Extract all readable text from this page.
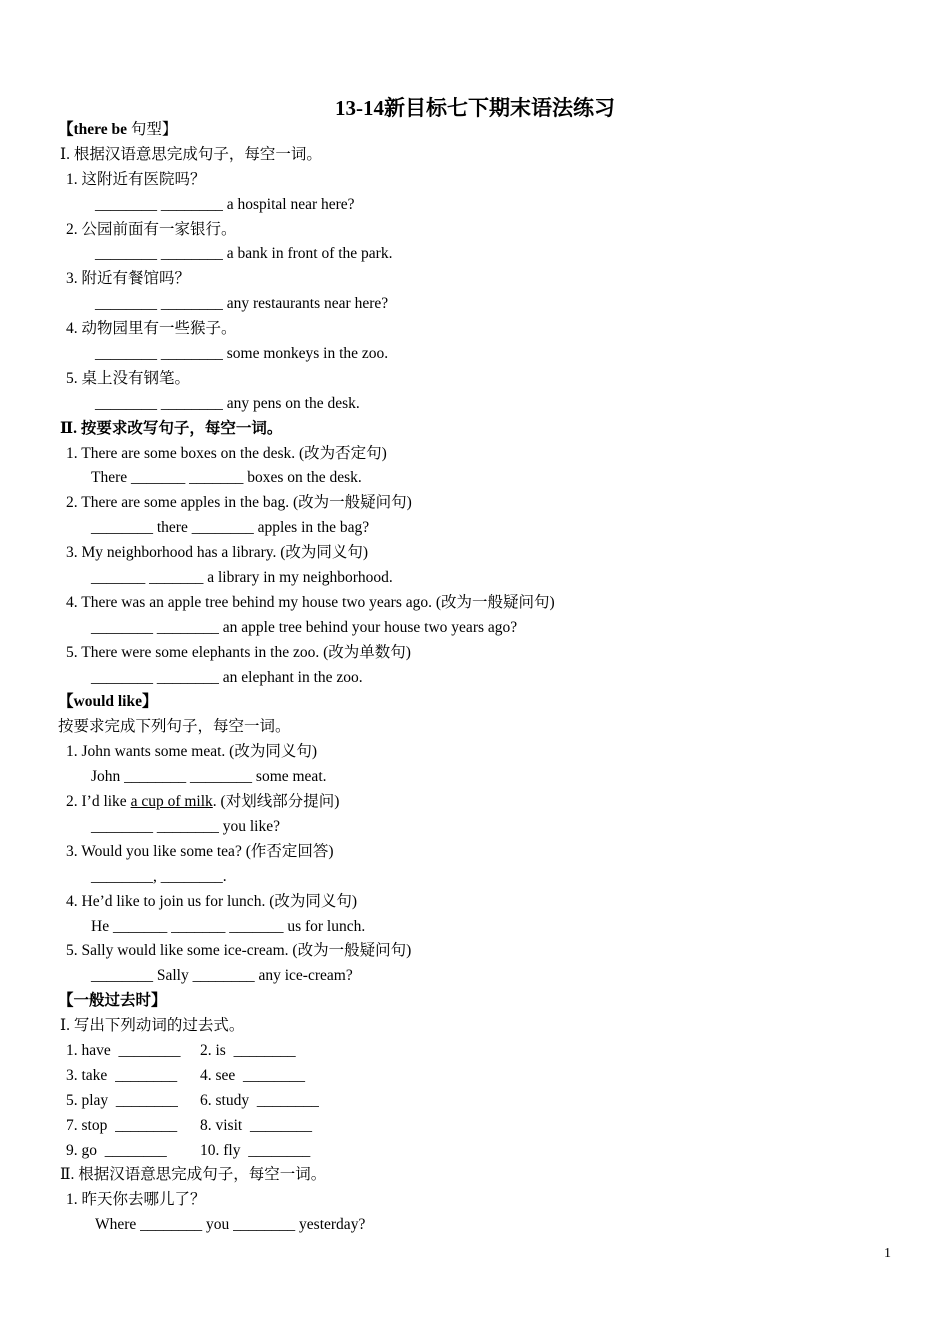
13-14新目标七下期末语法练习
【there be 句型】
Ⅰ. 根据汉语意思完成句子，每空一词。
1. 这附近有医院吗？
________ ________ a hospital near here?
2. 公园前面有一家银行。
________ ________ a bank in front of the park.
3. 附近有餐馆吗？
________ ________ any restaurants near here?
4. 动物园里有一些猴子。
________ ________ some monkeys in the zoo.
5. 桌上没有钢笔。
________ ________ any pens on the desk.
Ⅱ. 按要求改写句子，每空一词。
1. There are some boxes on the desk. (改为否定句)
There _______ _______ boxes on the desk.
2. There are some apples in the bag. (改为一般疑问句)
________ there ________ apples in the bag?
3. My neighborhood has a library. (改为同义句)
_______ _______ a library in my neighborhood.
4. There was an apple tree behind my house two years ago. (改为一般疑问句)
________ ________ an apple tree behind your house two years ago?
5. There were some elephants in the zoo. (改为单数句)
________ ________ an elephant in the zoo.
【would like】
按要求完成下列句子，每空一词。
1. John wants some meat. (改为同义句)
John ________ ________ some meat.
2. I’d like a cup of milk. (对划线部分提问)
________ ________ you like?
3. Would you like some tea? (作否定回答)
________, ________.
4. He’d like to join us for lunch. (改为同义句)
He _______ _______ _______ us for lunch.
5. Sally would like some ice-cream. (改为一般疑问句)
________ Sally ________ any ice-cream?
【一般过去时】
Ⅰ. 写出下列动词的过去式。
1. have  ________ 2. is  ________
3. take  ________ 4. see  ________
5. play  ________ 6. study  ________
7. stop  ________ 8. visit  ________
9. go  ________ 10. fly  ________
Ⅱ. 根据汉语意思完成句子，每空一词。
1. 昨天你去哪儿了？
Where ________ you ________ yesterday?
1
